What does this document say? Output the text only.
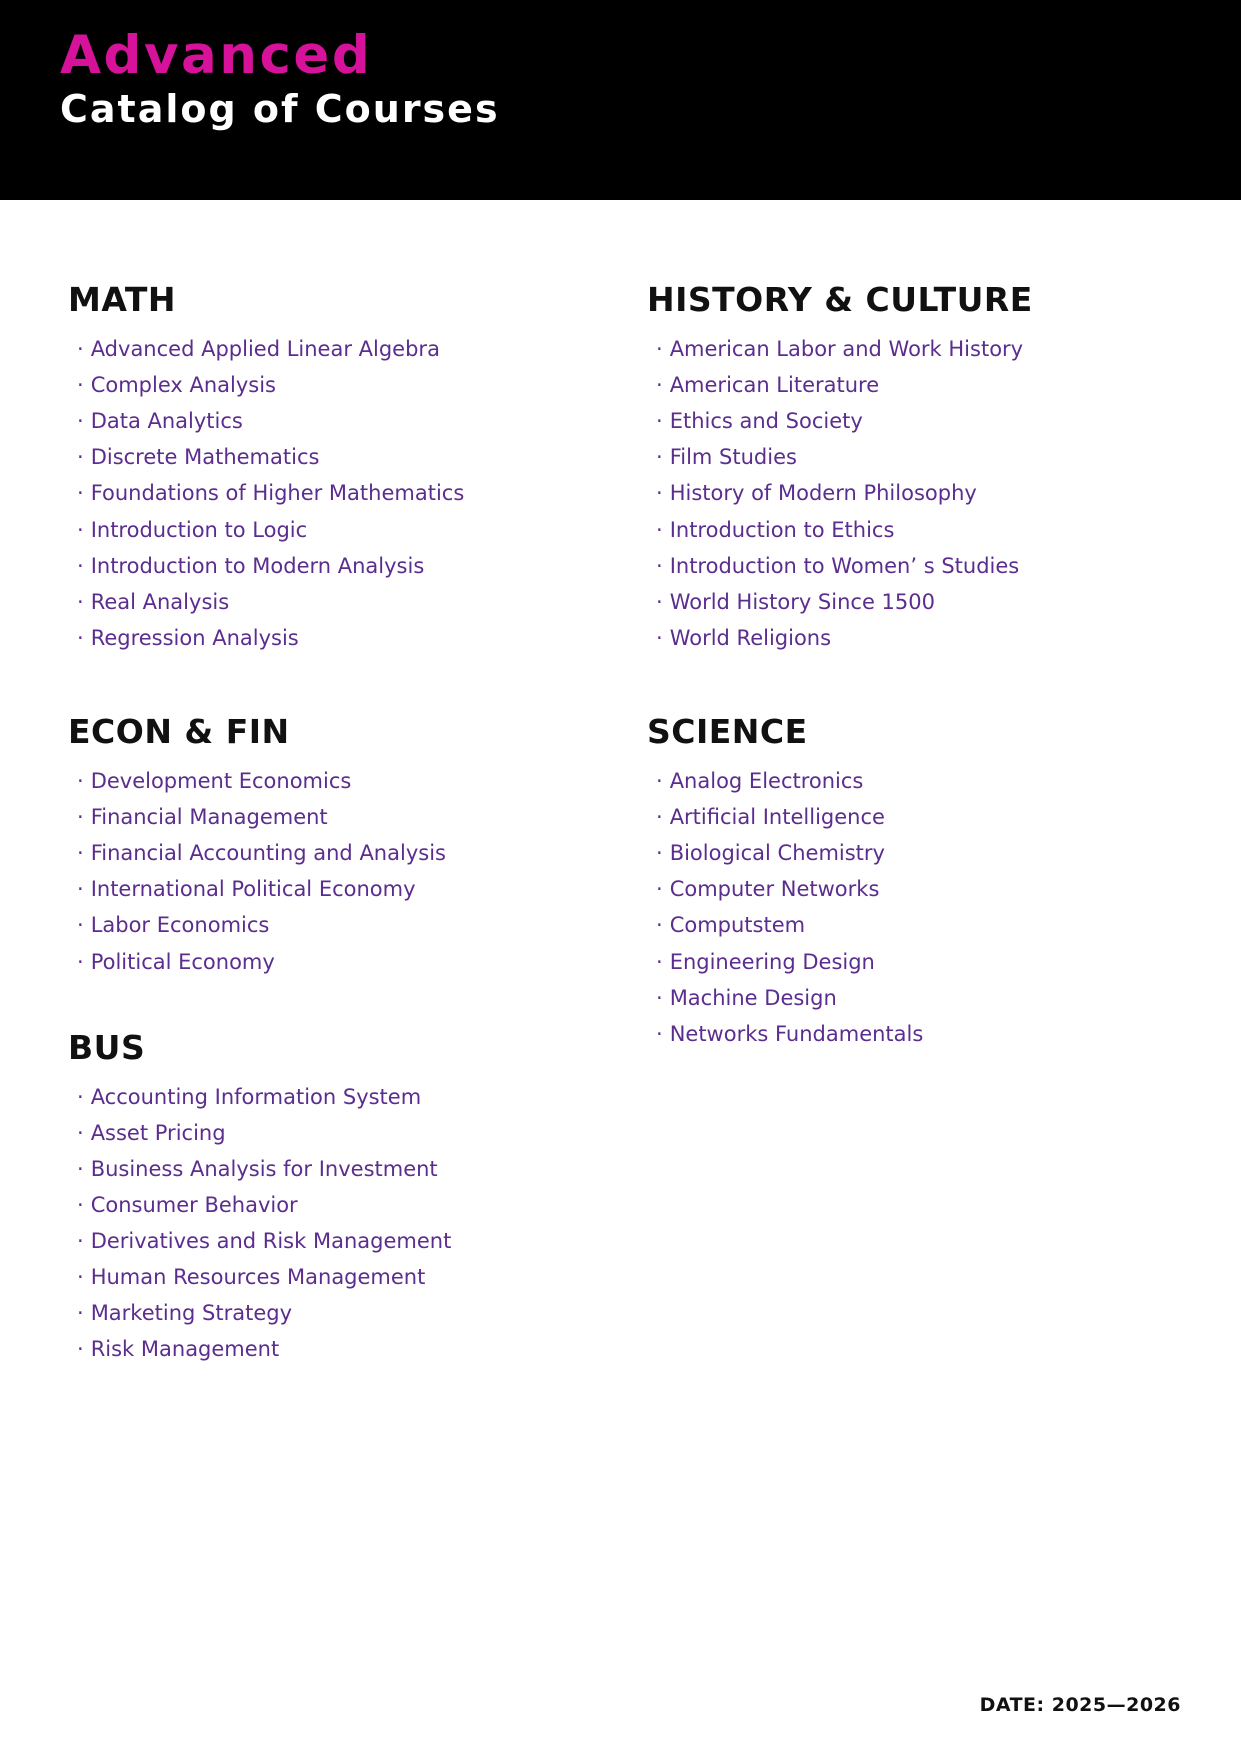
Advanced
Catalog of Courses
MATH
· Advanced Applied Linear Algebra
· Complex Analysis
· Data Analytics
· Discrete Mathematics
· Foundations of Higher Mathematics
· Introduction to Logic
· Introduction to Modern Analysis
· Real Analysis
· Regression Analysis
ECON & FIN
· Development Economics
· Financial Management
· Financial Accounting and Analysis
· International Political Economy
· Labor Economics
· Political Economy
BUS
· Accounting Information System
· Asset Pricing
· Business Analysis for Investment
· Consumer Behavior
· Derivatives and Risk Management
· Human Resources Management
· Marketing Strategy
· Risk Management
HISTORY & CULTURE
· American Labor and Work History
· American Literature
· Ethics and Society
· Film Studies
· History of Modern Philosophy
· Introduction to Ethics
· Introduction to Women’ s Studies
· World History Since 1500
· World Religions
SCIENCE
· Analog Electronics
· Artificial Intelligence
· Biological Chemistry
· Computer Networks
· Computstem
· Engineering Design
· Machine Design
· Networks Fundamentals
DATE: 2025—2026
